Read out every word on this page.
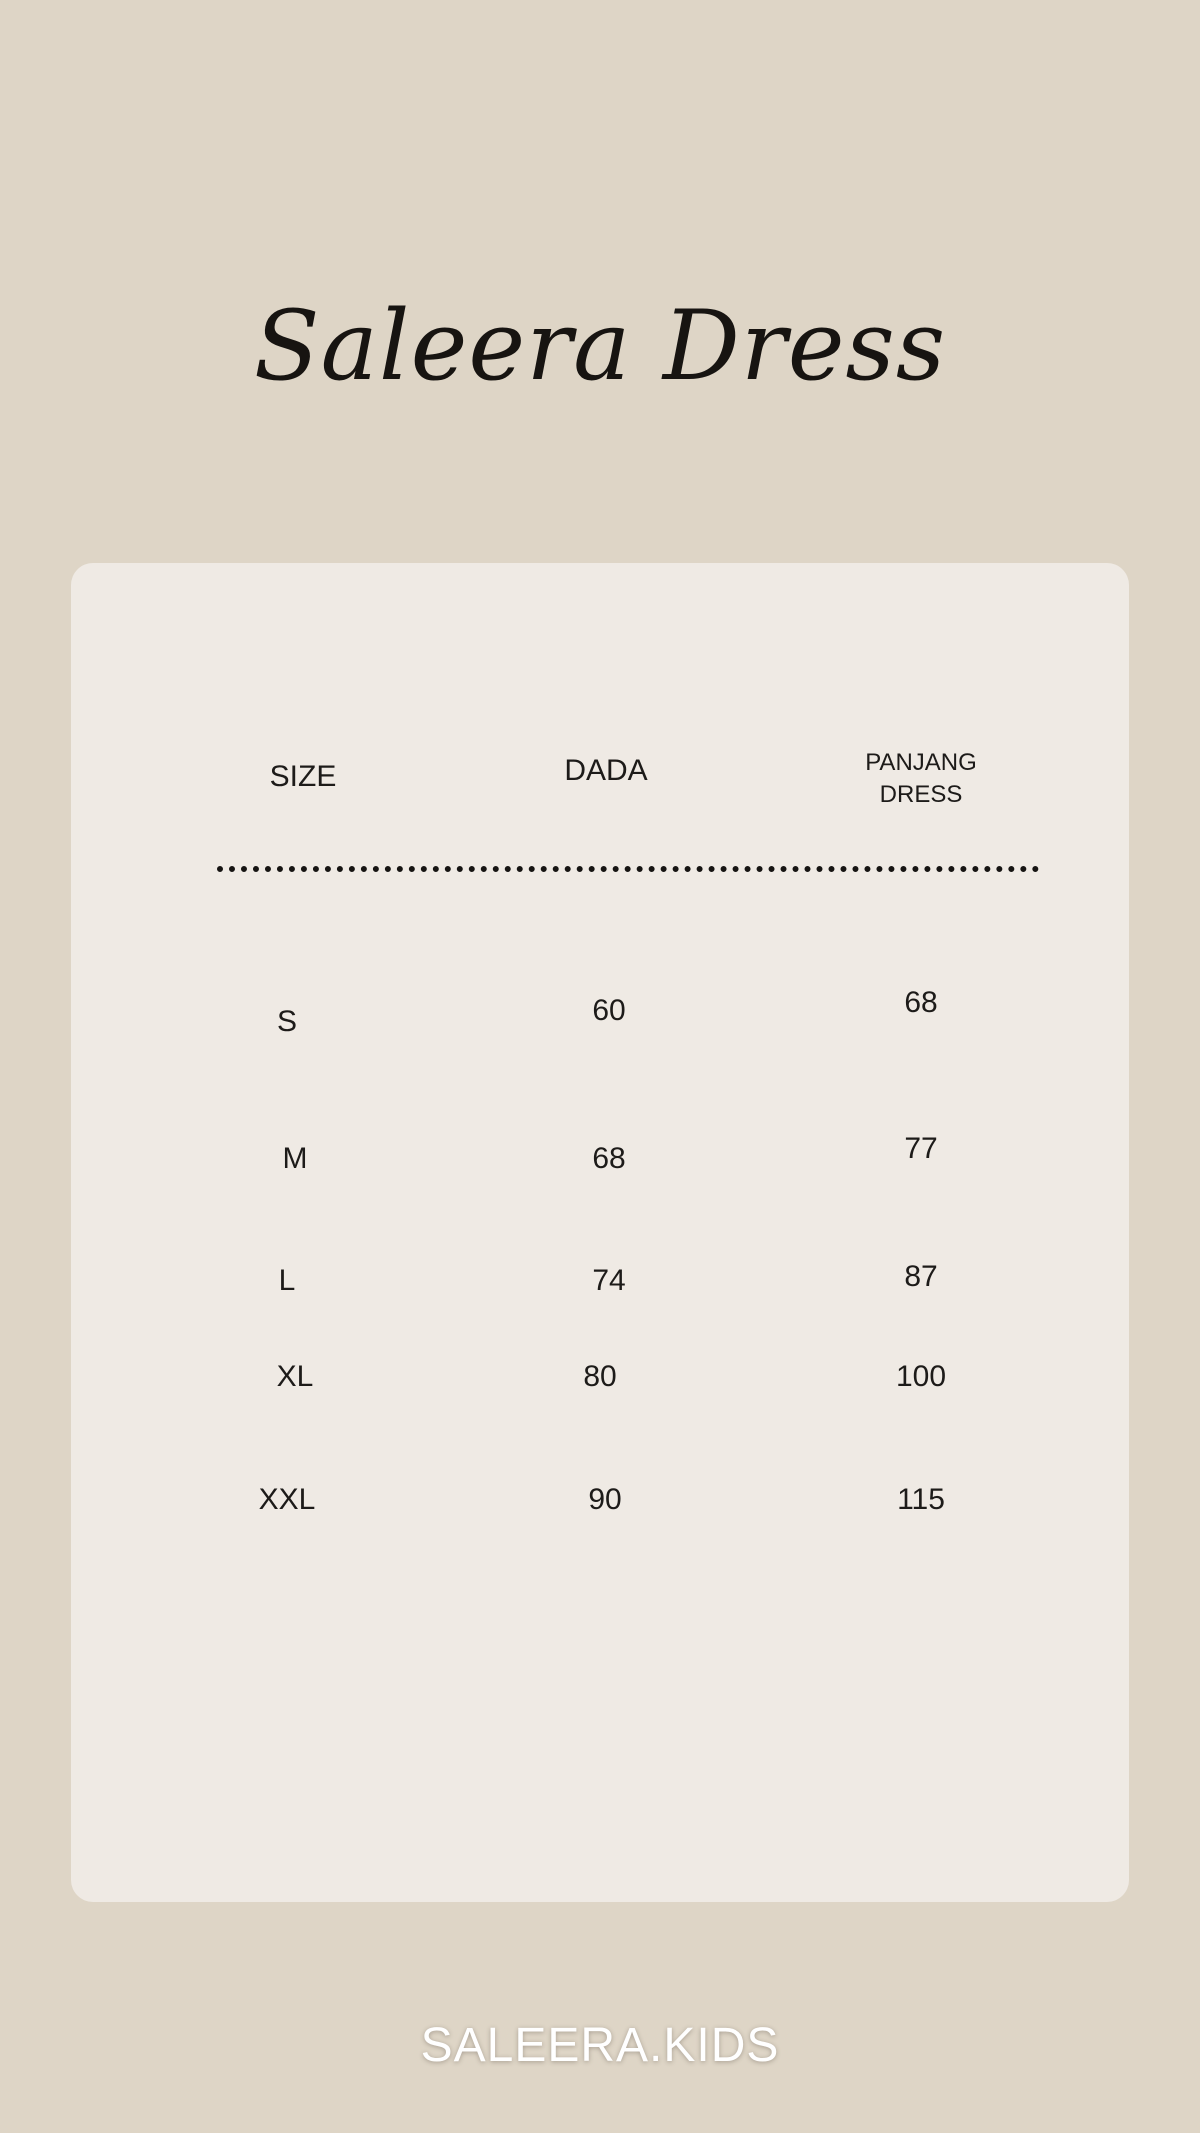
Saleera Dress
SIZE	DADA	PANJANG
DRESS
S	60	68
M	68	77
L	74	87
XL	80	100
XXL	90	115
SALEERA.KIDS
